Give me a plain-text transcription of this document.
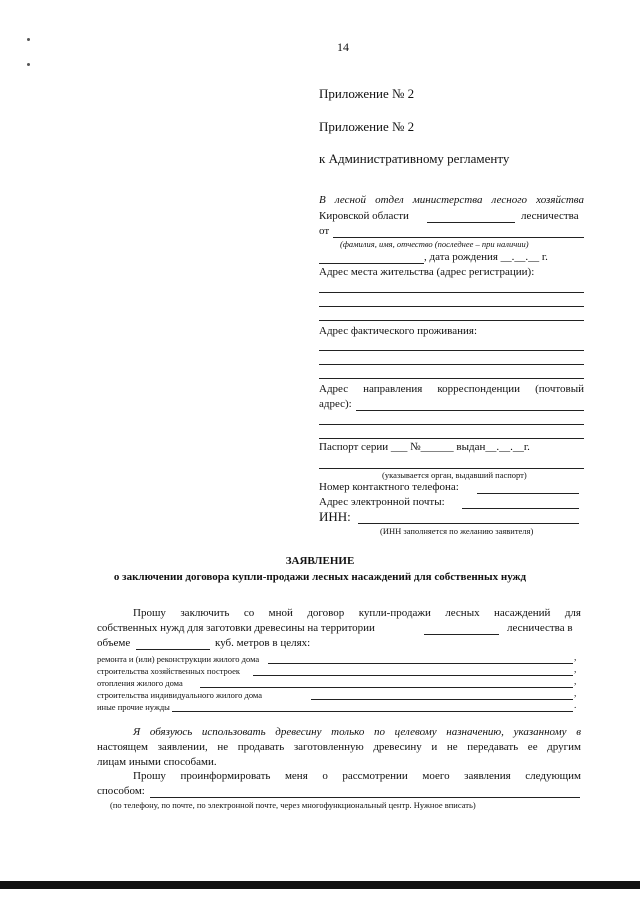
14
Приложение № 2
Приложение № 2
к Административному регламенту
В лесной отдел министерства лесного хозяйства
Кировской области	лесничества
от
(фамилия, имя, отчество (последнее – при наличии)
, дата рождения __.__.__ г.
Адрес места жительства (адрес регистрации):
Адрес фактического проживания:
Адрес направления корреспонденции (почтовый
адрес):
Паспорт серии ___ №______ выдан__.__.__г.
(указывается орган, выдавший паспорт)
Номер контактного телефона:
Адрес электронной почты:
ИНН:
(ИНН заполняется по желанию заявителя)
ЗАЯВЛЕНИЕ
о заключении договора купли-продажи лесных насаждений для собственных нужд
Прошу заключить со мной договор купли-продажи лесных насаждений для
собственных нужд для заготовки древесины на территории	лесничества в
объеме	куб. метров в целях:
ремонта и (или) реконструкции жилого дома	,
строительства хозяйственных построек	,
отопления жилого дома	,
строительства индивидуального жилого дома	,
иные прочие нужды	.
Я обязуюсь использовать древесину только по целевому назначению, указанному в
настоящем заявлении, не продавать заготовленную древесину и не передавать ее другим
лицам иными способами.
Прошу проинформировать меня о рассмотрении моего заявления следующим
способом:
(по телефону, по почте, по электронной почте, через многофункциональный центр. Нужное вписать)
